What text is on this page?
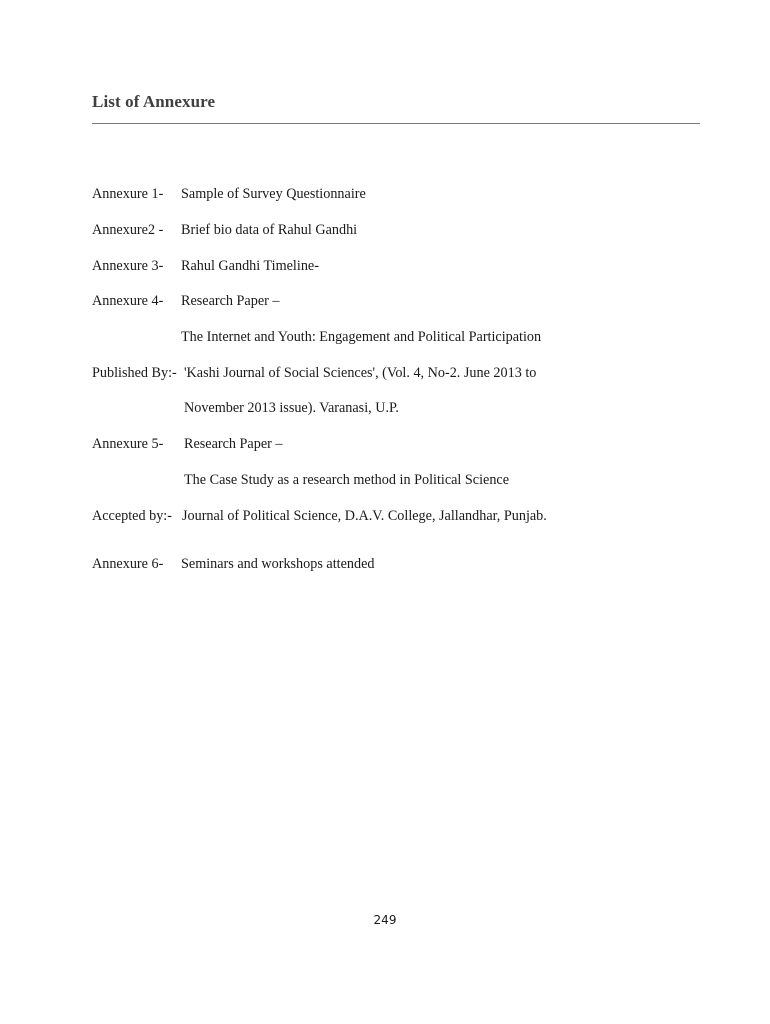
List of Annexure
Annexure 1- Sample of Survey Questionnaire
Annexure2 - Brief bio data of Rahul Gandhi
Annexure 3- Rahul Gandhi Timeline-
Annexure 4- Research Paper –
The Internet and Youth: Engagement and Political Participation
Published By:- 'Kashi Journal of Social Sciences', (Vol. 4, No-2. June 2013 to
November 2013 issue). Varanasi, U.P.
Annexure 5- Research Paper –
The Case Study as a research method in Political Science
Accepted by:- Journal of Political Science, D.A.V. College, Jallandhar, Punjab.
Annexure 6- Seminars and workshops attended
249
